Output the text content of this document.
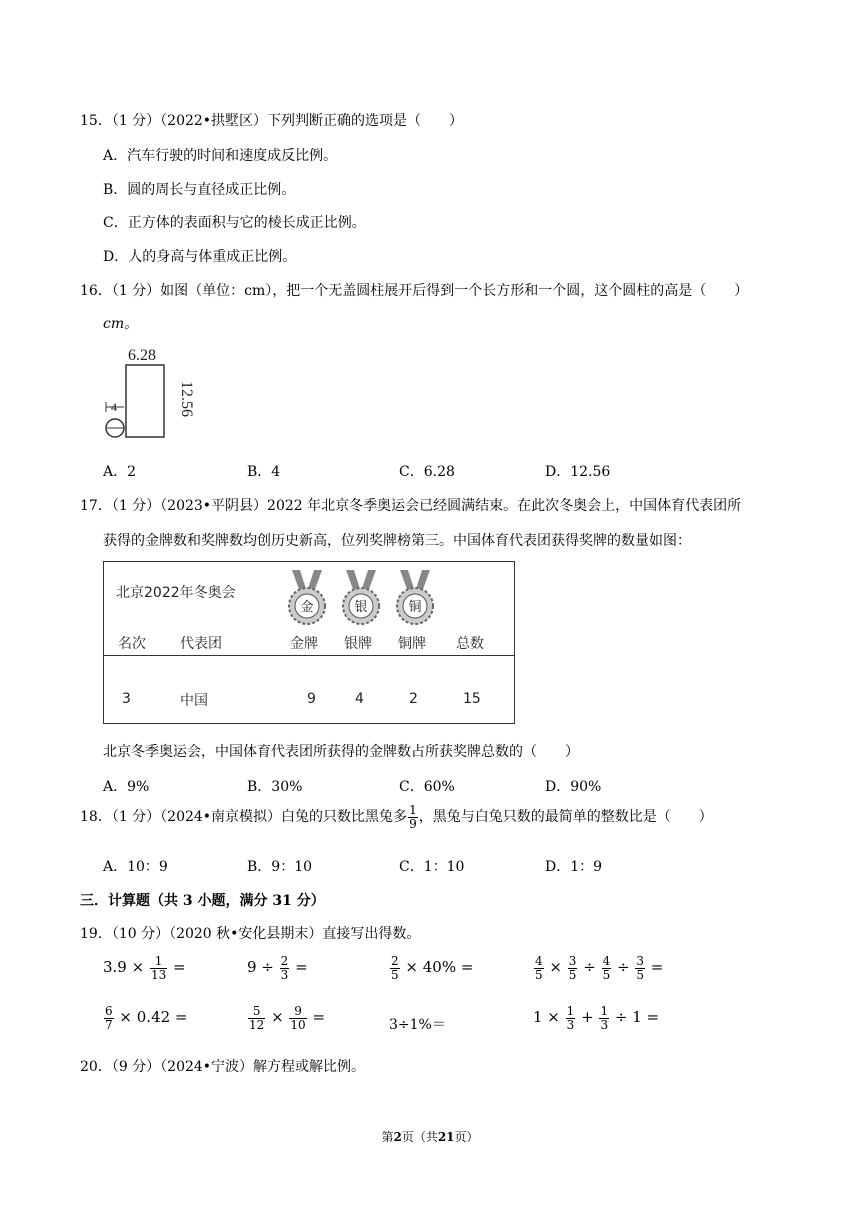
15．（1 分）（2022•拱墅区）下列判断正确的选项是（　　）
A．汽车行驶的时间和速度成反比例。
B．圆的周长与直径成正比例。
C．正方体的表面积与它的棱长成正比例。
D．人的身高与体重成正比例。
16．（1 分）如图（单位：cm），把一个无盖圆柱展开后得到一个长方形和一个圆，这个圆柱的高是（　　）
cm。
6.28
4	12.56
A．2	B．4	C．6.28	D．12.56
17．（1 分）（2023•平阴县）2022 年北京冬季奥运会已经圆满结束。在此次冬奥会上，中国体育代表团所
获得的金牌数和奖牌数均创历史新高，位列奖牌榜第三。中国体育代表团获得奖牌的数量如图：
北京2022年冬奥会
金	银	铜
名次 代表团	金牌 银牌 铜牌 总数
3	中国	9	4	2	15
北京冬季奥运会，中国体育代表团所获得的金牌数占所获奖牌总数的（　　）
A．9%	B．30%	C．60%	D．90%
18．（1 分）（2024•南京模拟）白兔的只数比黑兔多 $\frac{1}{9}$ ，黑兔与白兔只数的最简单的整数比是（　　）
A．10：9	B．9：10	C．1：10	D．1：9
三．计算题（共 3 小题，满分 31 分）
19．（10 分）（2020 秋•安化县期末）直接写出得数。
$3.9 \times \frac{1}{13}$ =	$9 \div \frac{2}{3}$ =	$\frac{2}{5} \times 40\%$ =	$\frac{4}{5} \times \frac{3}{5} \div \frac{4}{5} \div \frac{3}{5}$ =
$\frac{6}{7} \times 0.42$ =	$\frac{5}{12} \times \frac{9}{10}$ =	3÷1%＝	$1 \times \frac{1}{3} + \frac{1}{3} \div 1$ =
20．（9 分）（2024•宁波）解方程或解比例。
第2页（共21页）
